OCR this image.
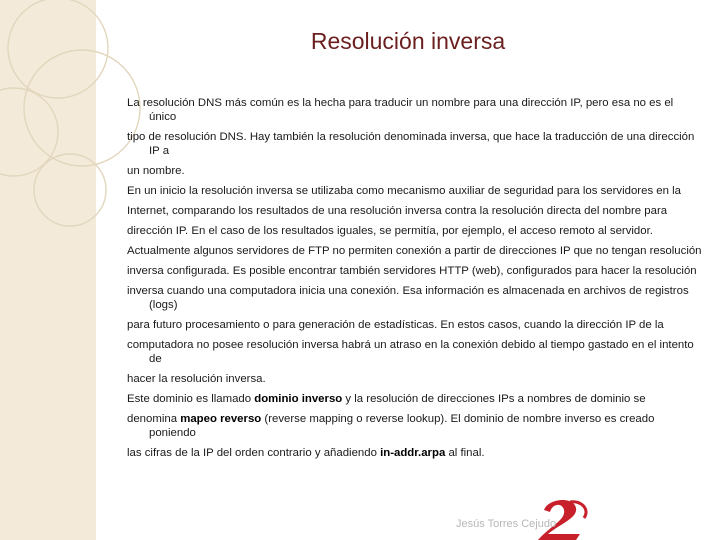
Resolución inversa

La resolución DNS más común es la hecha para traducir un nombre para una dirección IP, pero esa no es el único

tipo de resolución DNS. Hay también la resolución denominada inversa, que hace la traducción de una dirección IP a

un nombre.

En un inicio la resolución inversa se utilizaba como mecanismo auxiliar de seguridad para los servidores en la

Internet, comparando los resultados de una resolución inversa contra la resolución directa del nombre para

dirección IP. En el caso de los resultados iguales, se permitía, por ejemplo, el acceso remoto al servidor.

Actualmente algunos servidores de FTP no permiten conexión a partir de direcciones IP que no tengan resolución

inversa configurada. Es posible encontrar también servidores HTTP (web), configurados para hacer la resolución

inversa cuando una computadora inicia una conexión. Esa información es almacenada en archivos de registros (logs)

para futuro procesamiento o para generación de estadísticas. En estos casos, cuando la dirección IP de la

computadora no posee resolución inversa habrá un atraso en la conexión debido al tiempo gastado en el intento de

hacer la resolución inversa.

Este dominio es llamado dominio inverso y la resolución de direcciones IPs a nombres de dominio se

denomina mapeo reverso (reverse mapping o reverse lookup). El dominio de nombre inverso es creado poniendo

las cifras de la IP del orden contrario y añadiendo in-addr.arpa al final.

Jesús Torres Cejudo
